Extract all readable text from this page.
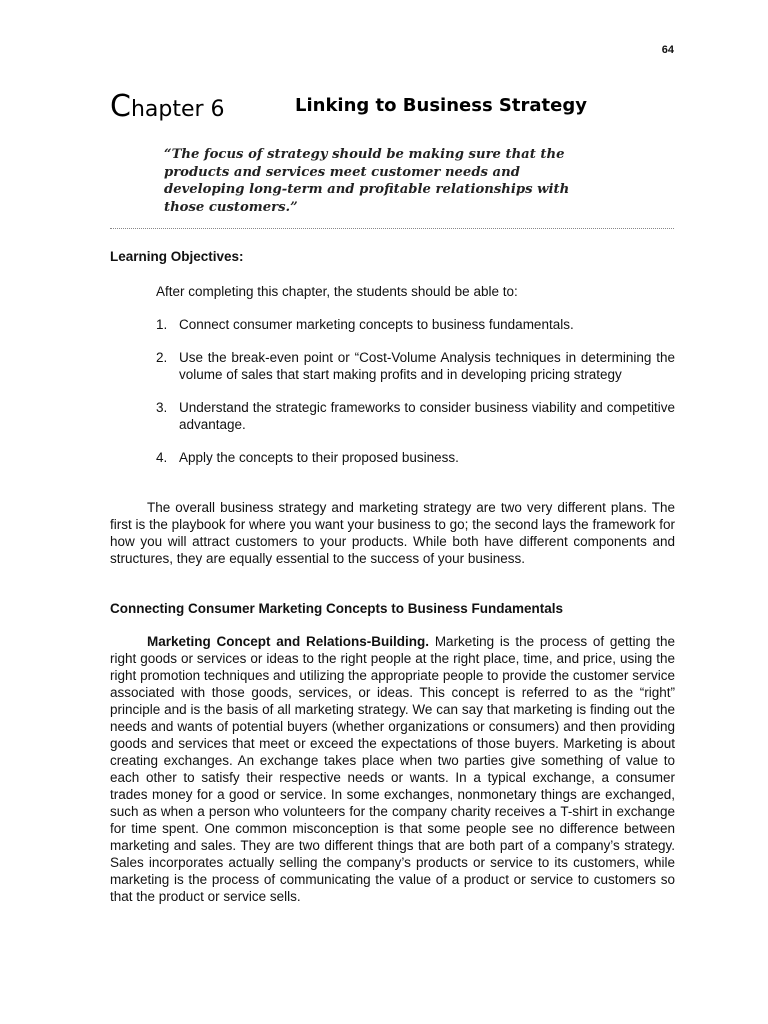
64
Chapter 6	Linking to Business Strategy
“The focus of strategy should be making sure that the
products and services meet customer needs and
developing long-term and profitable relationships with
those customers.”
Learning Objectives:
After completing this chapter, the students should be able to:
1. Connect consumer marketing concepts to business fundamentals.
2. Use the break-even point or “Cost-Volume Analysis techniques in determining the volume of sales that start making profits and in developing pricing strategy
3. Understand the strategic frameworks to consider business viability and competitive advantage.
4. Apply the concepts to their proposed business.

The overall business strategy and marketing strategy are two very different plans. The first is the playbook for where you want your business to go; the second lays the framework for how you will attract customers to your products. While both have different components and structures, they are equally essential to the success of your business.

Connecting Consumer Marketing Concepts to Business Fundamentals

Marketing Concept and Relations-Building. Marketing is the process of getting the right goods or services or ideas to the right people at the right place, time, and price, using the right promotion techniques and utilizing the appropriate people to provide the customer service associated with those goods, services, or ideas. This concept is referred to as the “right” principle and is the basis of all marketing strategy. We can say that marketing is finding out the needs and wants of potential buyers (whether organizations or consumers) and then providing goods and services that meet or exceed the expectations of those buyers. Marketing is about creating exchanges. An exchange takes place when two parties give something of value to each other to satisfy their respective needs or wants. In a typical exchange, a consumer trades money for a good or service. In some exchanges, nonmonetary things are exchanged, such as when a person who volunteers for the company charity receives a T-shirt in exchange for time spent. One common misconception is that some people see no difference between marketing and sales. They are two different things that are both part of a company’s strategy. Sales incorporates actually selling the company’s products or service to its customers, while marketing is the process of communicating the value of a product or service to customers so that the product or service sells.
